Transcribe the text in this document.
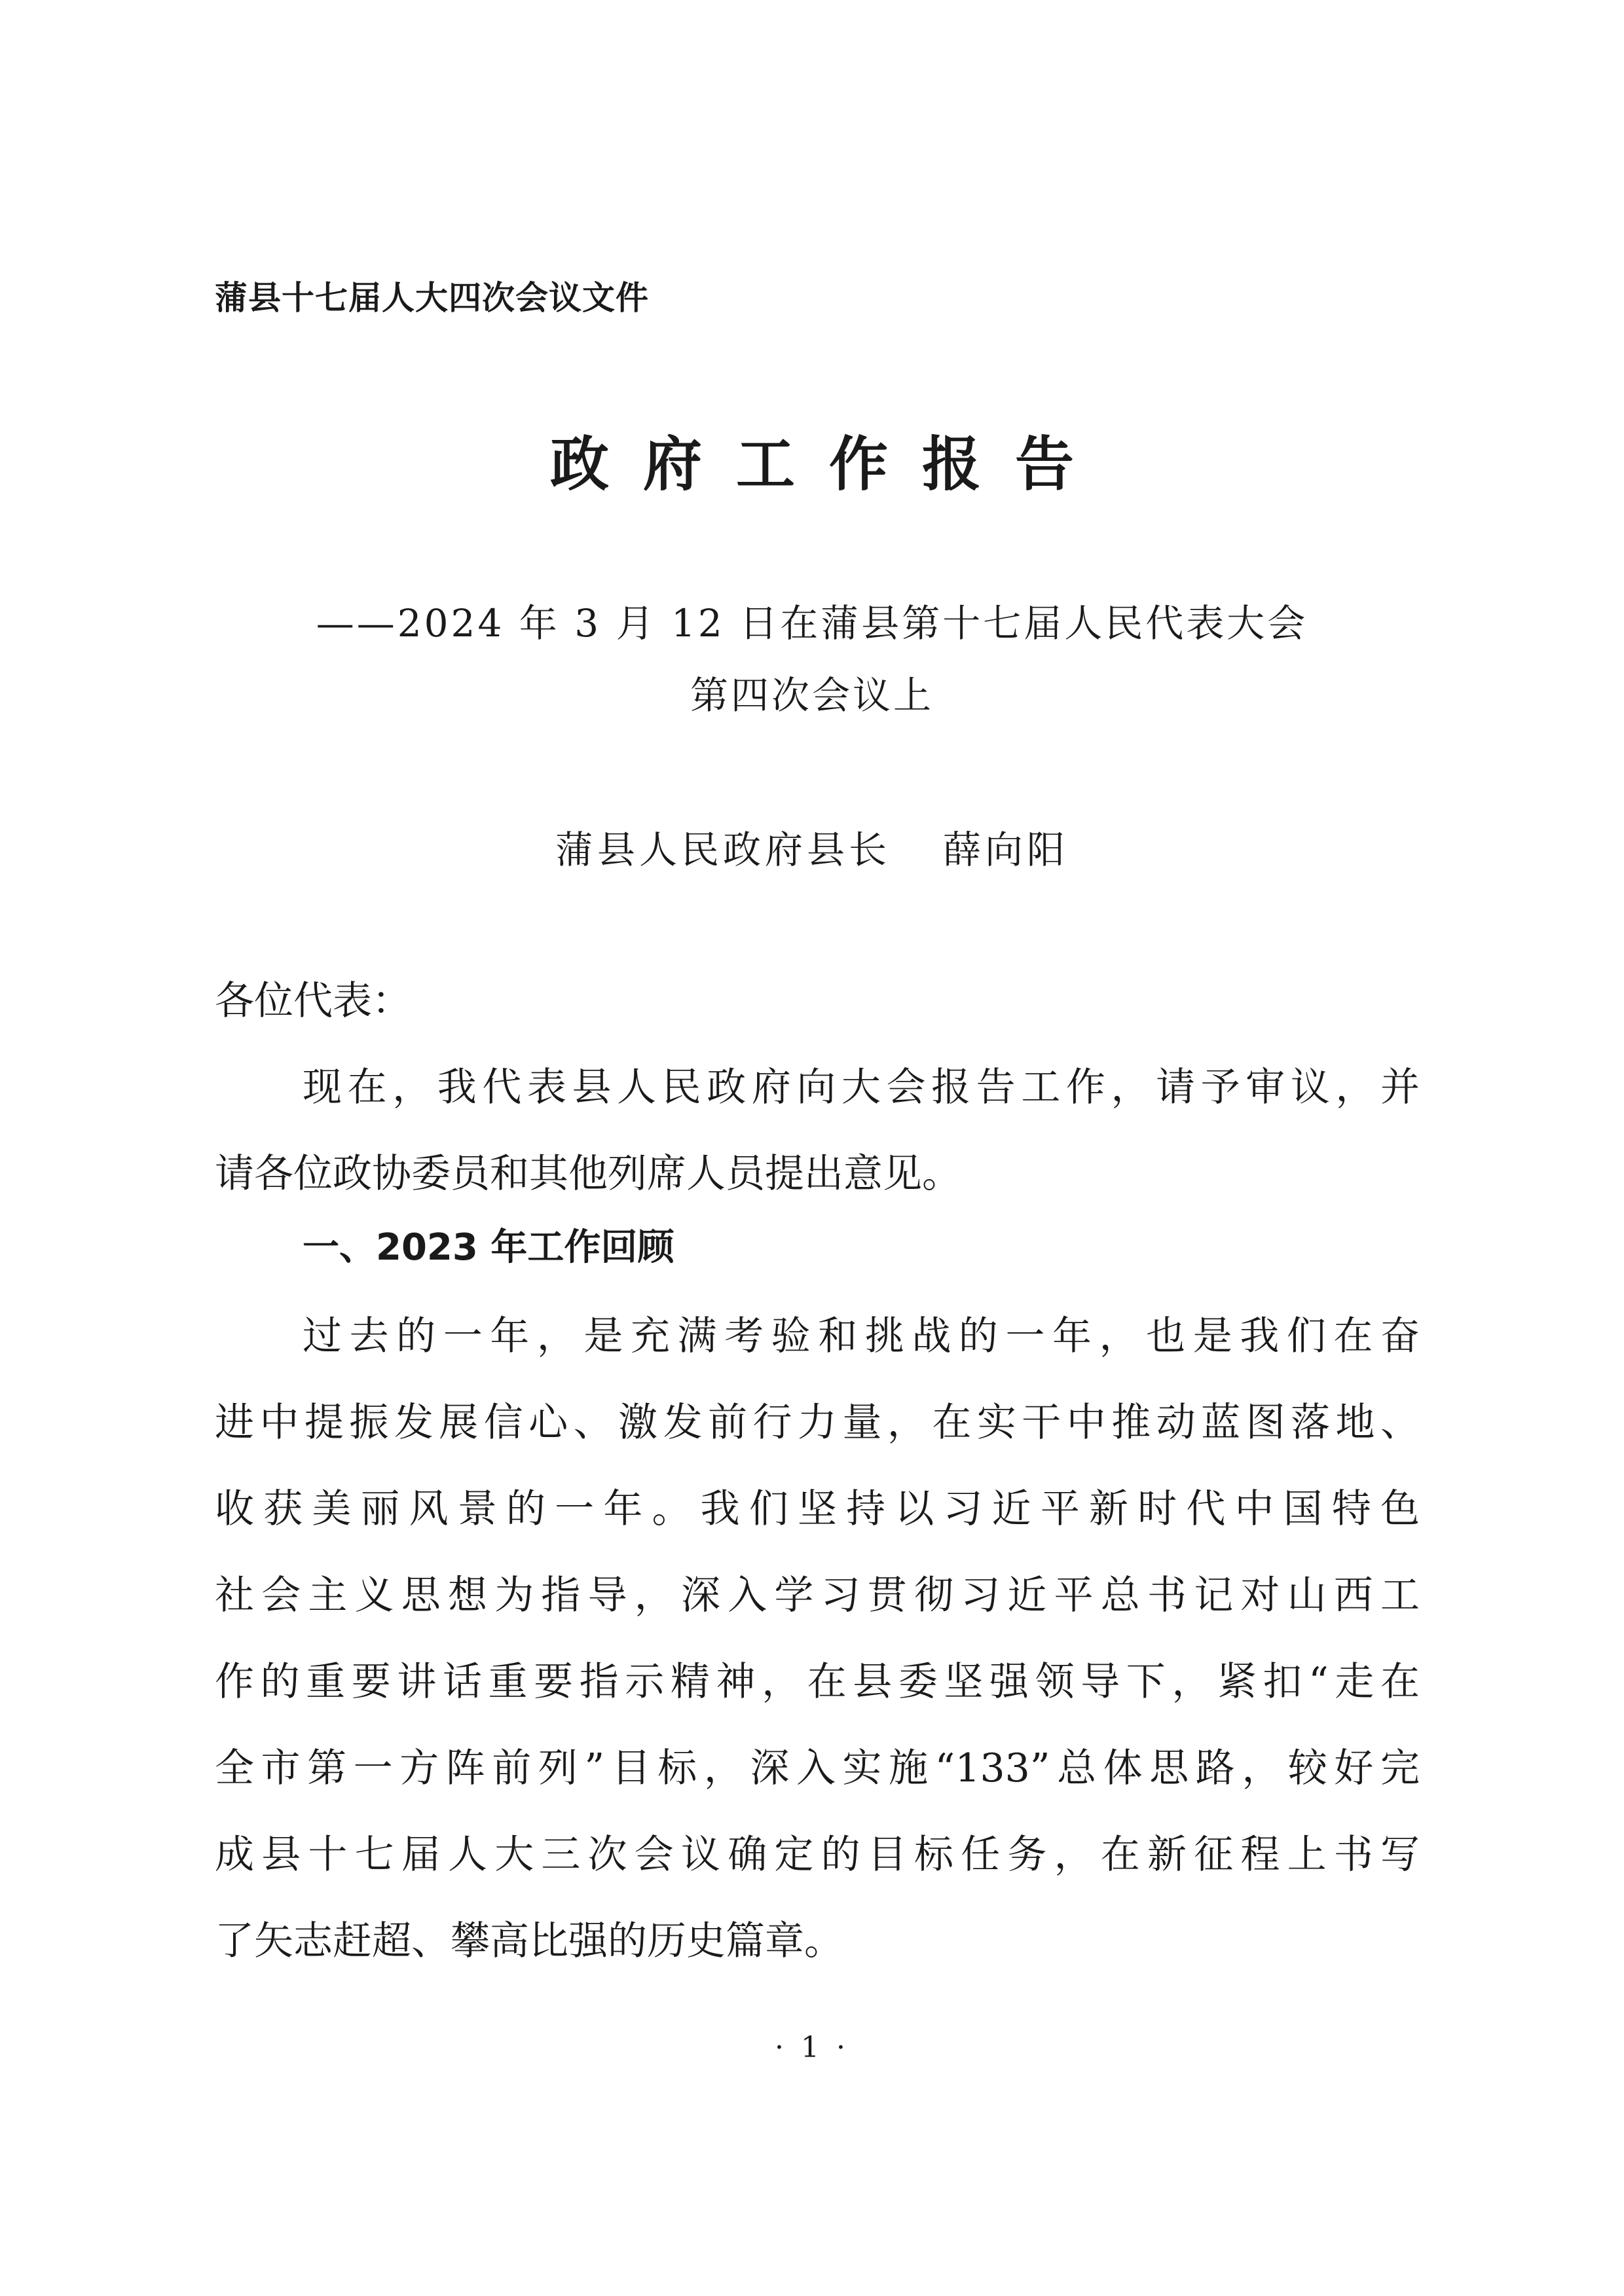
蒲县十七届人大四次会议文件
政府工作报告
——2024 年 3 月 12 日在蒲县第十七届人民代表大会
第四次会议上
蒲县人民政府县长 薛向阳
各位代表：
现在，我代表县人民政府向大会报告工作，请予审议，并
请各位政协委员和其他列席人员提出意见。
一、2023 年工作回顾
过去的一年，是充满考验和挑战的一年，也是我们在奋
进中提振发展信心、激发前行力量，在实干中推动蓝图落地、
收获美丽风景的一年。我们坚持以习近平新时代中国特色
社会主义思想为指导，深入学习贯彻习近平总书记对山西工
作的重要讲话重要指示精神，在县委坚强领导下，紧扣“走在
全市第一方阵前列”目标，深入实施“133”总体思路，较好完
成县十七届人大三次会议确定的目标任务，在新征程上书写
了矢志赶超、攀高比强的历史篇章。
· 1 ·
